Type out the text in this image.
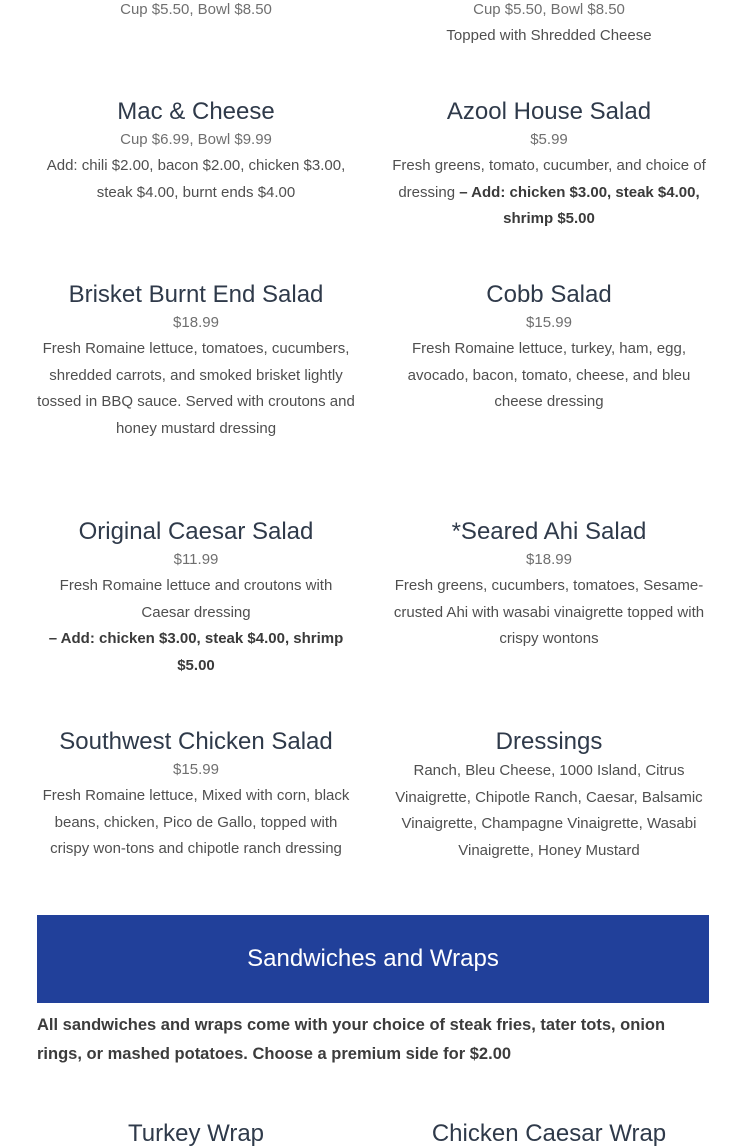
Cup $5.50, Bowl $8.50	Cup $5.50, Bowl $8.50
Topped with Shredded Cheese
Mac & Cheese
Cup $6.99, Bowl $9.99
Add: chili $2.00, bacon $2.00, chicken $3.00, steak $4.00, burnt ends $4.00
Azool House Salad
$5.99
Fresh greens, tomato, cucumber, and choice of dressing – Add: chicken $3.00, steak $4.00, shrimp $5.00
Brisket Burnt End Salad
$18.99
Fresh Romaine lettuce, tomatoes, cucumbers, shredded carrots, and smoked brisket lightly tossed in BBQ sauce. Served with croutons and honey mustard dressing
Cobb Salad
$15.99
Fresh Romaine lettuce, turkey, ham, egg, avocado, bacon, tomato, cheese, and bleu cheese dressing
Original Caesar Salad
$11.99
Fresh Romaine lettuce and croutons with Caesar dressing
– Add: chicken $3.00, steak $4.00, shrimp $5.00
*Seared Ahi Salad
$18.99
Fresh greens, cucumbers, tomatoes, Sesame-crusted Ahi with wasabi vinaigrette topped with crispy wontons
Southwest Chicken Salad
$15.99
Fresh Romaine lettuce, Mixed with corn, black beans, chicken, Pico de Gallo, topped with crispy won-tons and chipotle ranch dressing
Dressings
Ranch, Bleu Cheese, 1000 Island, Citrus Vinaigrette, Chipotle Ranch, Caesar, Balsamic Vinaigrette, Champagne Vinaigrette, Wasabi Vinaigrette, Honey Mustard
Sandwiches and Wraps
All sandwiches and wraps come with your choice of steak fries, tater tots, onion rings, or mashed potatoes. Choose a premium side for $2.00
Turkey Wrap	Chicken Caesar Wrap
